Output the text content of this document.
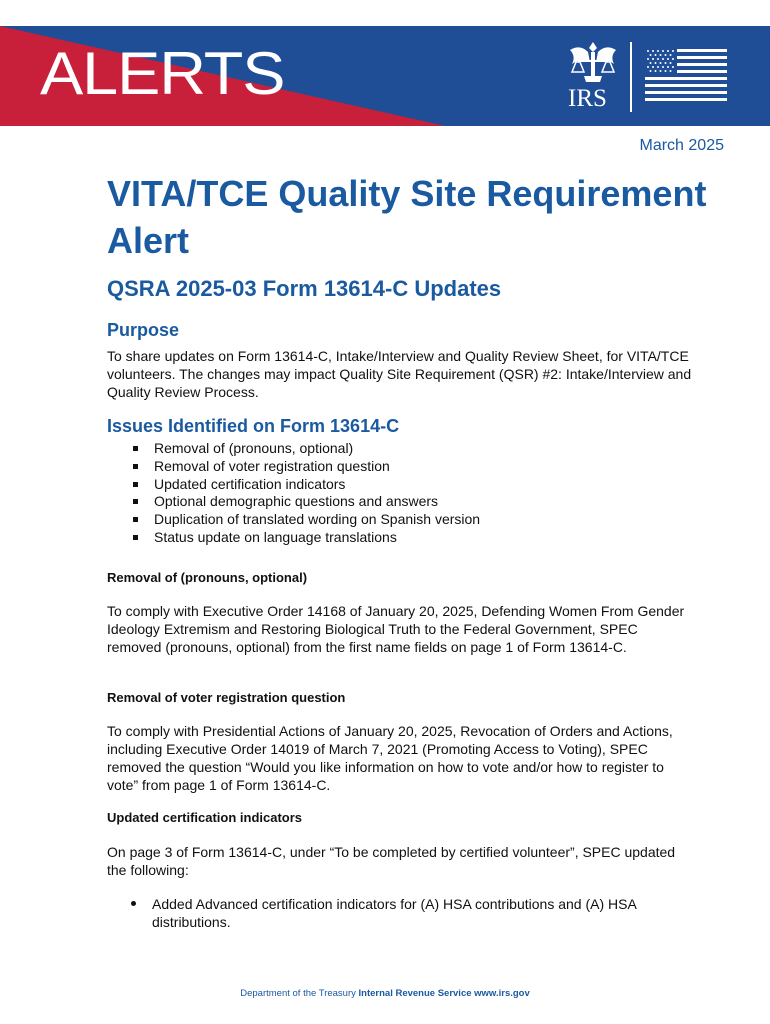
ALERTS	IRS
March 2025
VITA/TCE Quality Site Requirement Alert
QSRA 2025-03 Form 13614-C Updates
Purpose

To share updates on Form 13614-C, Intake/Interview and Quality Review Sheet, for VITA/TCE volunteers. The changes may impact Quality Site Requirement (QSR) #2: Intake/Interview and Quality Review Process.

Issues Identified on Form 13614-C
Removal of (pronouns, optional)
Removal of voter registration question
Updated certification indicators
Optional demographic questions and answers
Duplication of translated wording on Spanish version
Status update on language translations
Removal of (pronouns, optional)

To comply with Executive Order 14168 of January 20, 2025, Defending Women From Gender Ideology Extremism and Restoring Biological Truth to the Federal Government, SPEC removed (pronouns, optional) from the first name fields on page 1 of Form 13614-C.

Removal of voter registration question

To comply with Presidential Actions of January 20, 2025, Revocation of Orders and Actions, including Executive Order 14019 of March 7, 2021 (Promoting Access to Voting), SPEC removed the question “Would you like information on how to vote and/or how to register to vote” from page 1 of Form 13614-C.

Updated certification indicators

On page 3 of Form 13614-C, under “To be completed by certified volunteer”, SPEC updated the following:

Added Advanced certification indicators for (A) HSA contributions and (A) HSA distributions.
Department of the Treasury Internal Revenue Service www.irs.gov
